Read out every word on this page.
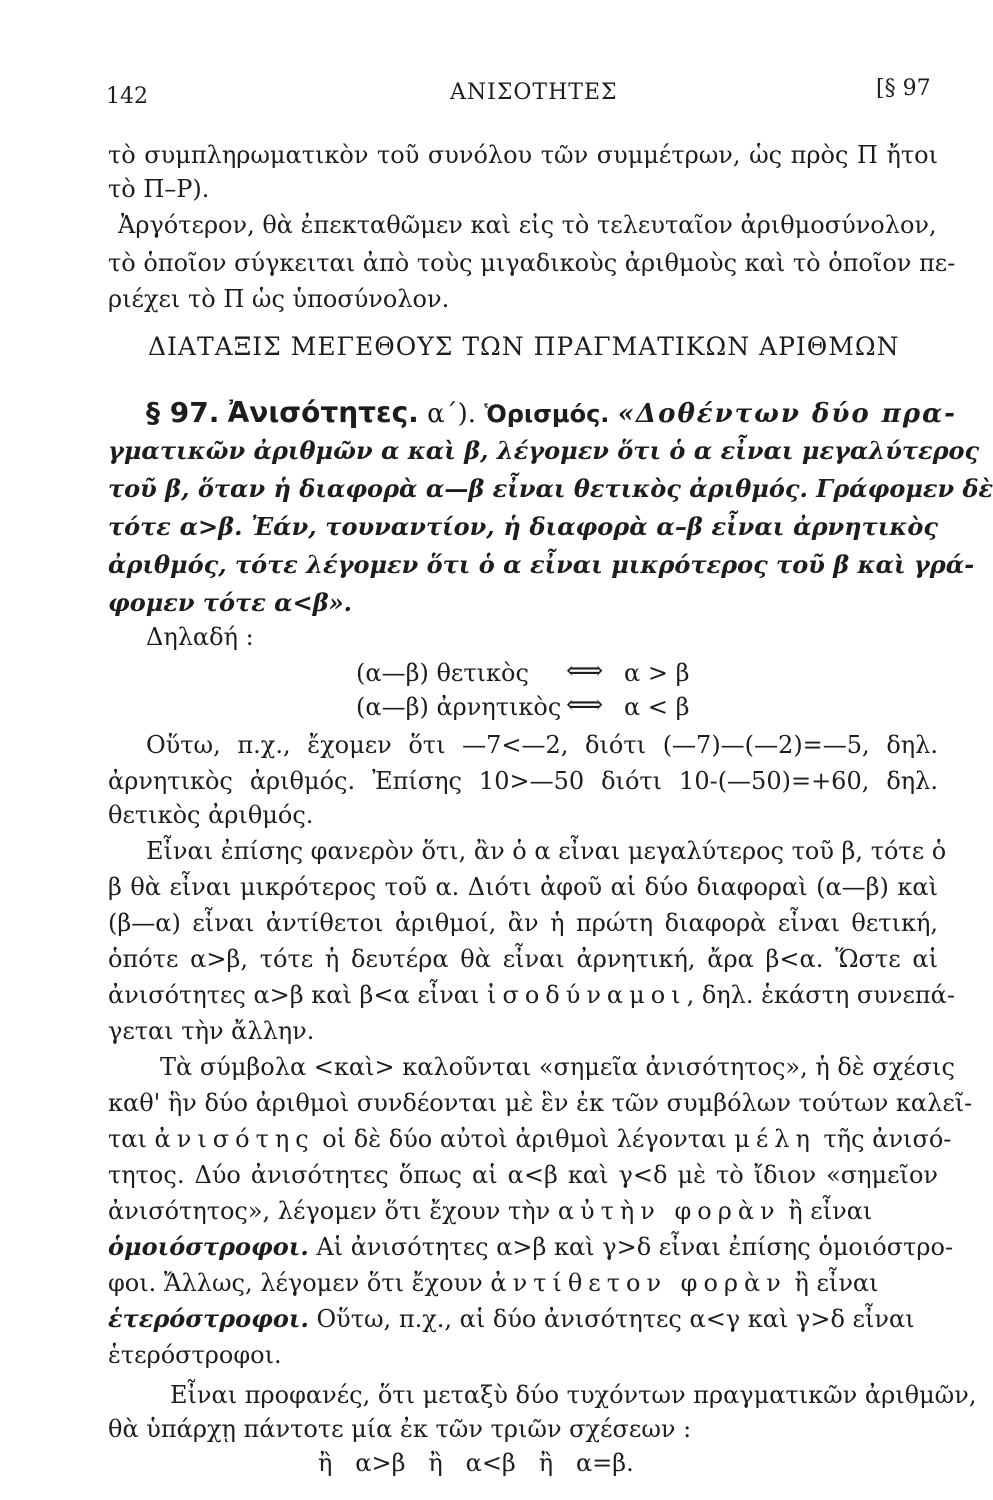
142	ΑΝΙΣΟΤΗΤΕΣ	[§ 97
τὸ συμπληρωματικὸν τοῦ συνόλου τῶν συμμέτρων, ὡς πρὸς Π ἤτοι
τὸ Π–Ρ).
Ἀργότερον, θὰ ἐπεκταθῶμεν καὶ εἰς τὸ τελευταῖον ἀριθμοσύνολον,
τὸ ὁποῖον σύγκειται ἀπὸ τοὺς μιγαδικοὺς ἀριθμοὺς καὶ τὸ ὁποῖον πε-
ριέχει τὸ Π ὡς ὑποσύνολον.
ΔΙΑΤΑΞΙΣ ΜΕΓΕΘΟΥΣ ΤΩΝ ΠΡΑΓΜΑΤΙΚΩΝ ΑΡΙΘΜΩΝ
§ 97. Ἀνισότητες. α΄). Ὁρισμός. «Δοθέντων δύο πρα-
γματικῶν ἀριθμῶν α καὶ β, λέγομεν ὅτι ὁ α εἶναι μεγαλύτερος
τοῦ β, ὅταν ἡ διαφορὰ α—β εἶναι θετικὸς ἀριθμός. Γράφομεν δὲ
τότε α>β. Ἐάν, τουναντίον, ἡ διαφορὰ α–β εἶναι ἀρνητικὸς
ἀριθμός, τότε λέγομεν ὅτι ὁ α εἶναι μικρότερος τοῦ β καὶ γρά-
φομεν τότε α<β».
Δηλαδή :
(α—β) θετικὸς ⟺ α > β
(α—β) ἀρνητικὸς ⟺ α < β
Οὕτω, π.χ., ἔχομεν ὅτι —7<—2, διότι (—7)—(—2)=—5, δηλ.
ἀρνητικὸς ἀριθμός. Ἐπίσης 10>—50 διότι 10-(—50)=+60, δηλ.
θετικὸς ἀριθμός.
Εἶναι ἐπίσης φανερὸν ὅτι, ἂν ὁ α εἶναι μεγαλύτερος τοῦ β, τότε ὁ
β θὰ εἶναι μικρότερος τοῦ α. Διότι ἀφοῦ αἱ δύο διαφοραὶ (α—β) καὶ
(β—α) εἶναι ἀντίθετοι ἀριθμοί, ἂν ἡ πρώτη διαφορὰ εἶναι θετική,
ὁπότε α>β, τότε ἡ δευτέρα θὰ εἶναι ἀρνητική, ἄρα β<α. Ὥστε αἱ
ἀνισότητες α>β καὶ β<α εἶναι ἰσοδύναμοι, δηλ. ἑκάστη συνεπά-
γεται τὴν ἄλλην.
Τὰ σύμβολα <καὶ> καλοῦνται «σημεῖα ἀνισότητος», ἡ δὲ σχέσις
καθ' ἣν δύο ἀριθμοὶ συνδέονται μὲ ἓν ἐκ τῶν συμβόλων τούτων καλεῖ-
ται ἀνισότης οἱ δὲ δύο αὐτοὶ ἀριθμοὶ λέγονται μέλη τῆς ἀνισό-
τητος. Δύο ἀνισότητες ὅπως αἱ α<β καὶ γ<δ μὲ τὸ ἴδιον «σημεῖον
ἀνισότητος», λέγομεν ὅτι ἔχουν τὴν αὐτὴν φορὰν ἢ εἶναι
ὁμοιόστροφοι. Αἱ ἀνισότητες α>β καὶ γ>δ εἶναι ἐπίσης ὁμοιόστρο-
φοι. Ἄλλως, λέγομεν ὅτι ἔχουν ἀντίθετον φορὰν ἢ εἶναι
ἑτερόστροφοι. Οὕτω, π.χ., αἱ δύο ἀνισότητες α<γ καὶ γ>δ εἶναι
ἑτερόστροφοι.
Εἶναι προφανές, ὅτι μεταξὺ δύο τυχόντων πραγματικῶν ἀριθμῶν,
θὰ ὑπάρχῃ πάντοτε μία ἐκ τῶν τριῶν σχέσεων :
ἢ   α>β   ἢ   α<β   ἢ   α=β.
